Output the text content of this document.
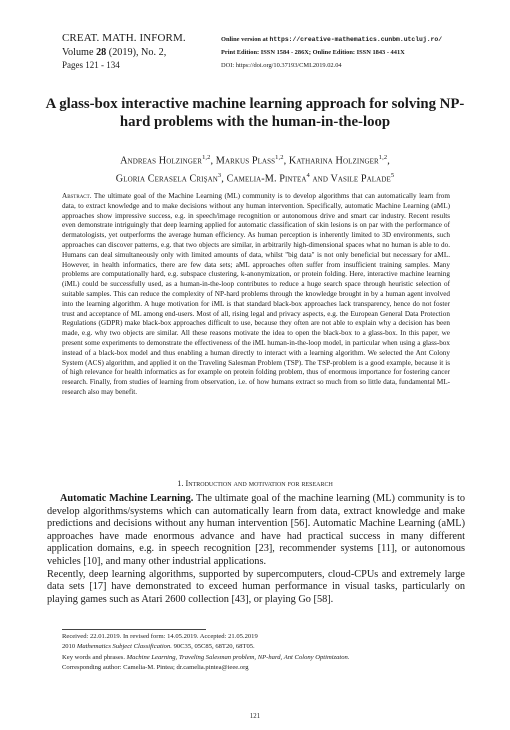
CREAT. MATH. INFORM.
Volume 28 (2019), No. 2,
Pages 121 - 134
Online version at https://creative-mathematics.cunbm.utcluj.ro/
Print Edition: ISSN 1584 - 286X; Online Edition: ISSN 1843 - 441X
DOI: https://doi.org/10.37193/CMI.2019.02.04
A glass-box interactive machine learning approach for solving NP-hard problems with the human-in-the-loop
Andreas Holzinger$^{1,2}$, Markus Plass$^{1,2}$, Katharina Holzinger$^{1,2}$,
Gloria Cerasela Crişan$^3$, Camelia-M. Pintea$^4$ and Vasile Palade$^5$
Abstract. The ultimate goal of the Machine Learning (ML) community is to develop algorithms that can automatically learn from data, to extract knowledge and to make decisions without any human intervention. Specifically, automatic Machine Learning (aML) approaches show impressive success, e.g. in speech/image recognition or autonomous drive and smart car industry. Recent results even demonstrate intriguingly that deep learning applied for automatic classification of skin lesions is on par with the performance of dermatologists, yet outperforms the average human efficiency. As human perception is inherently limited to 3D environments, such approaches can discover patterns, e.g. that two objects are similar, in arbitrarily high-dimensional spaces what no human is able to do. Humans can deal simultaneously only with limited amounts of data, whilst "big data" is not only beneficial but necessary for aML. However, in health informatics, there are few data sets; aML approaches often suffer from insufficient training samples. Many problems are computationally hard, e.g. subspace clustering, k-anonymization, or protein folding. Here, interactive machine learning (iML) could be successfully used, as a human-in-the-loop contributes to reduce a huge search space through heuristic selection of suitable samples. This can reduce the complexity of NP-hard problems through the knowledge brought in by a human agent involved into the learning algorithm. A huge motivation for iML is that standard black-box approaches lack transparency, hence do not foster trust and acceptance of ML among end-users. Most of all, rising legal and privacy aspects, e.g. the European General Data Protection Regulations (GDPR) make black-box approaches difficult to use, because they often are not able to explain why a decision has been made, e.g. why two objects are similar. All these reasons motivate the idea to open the black-box to a glass-box. In this paper, we present some experiments to demonstrate the effectiveness of the iML human-in-the-loop model, in particular when using a glass-box instead of a black-box model and thus enabling a human directly to interact with a learning algorithm. We selected the Ant Colony System (ACS) algorithm, and applied it on the Traveling Salesman Problem (TSP). The TSP-problem is a good example, because it is of high relevance for health informatics as for example on protein folding problem, thus of enormous importance for fostering cancer research. Finally, from studies of learning from observation, i.e. of how humans extract so much from so little data, fundamental ML-research also may benefit.
1. Introduction and motivation for research

Automatic Machine Learning. The ultimate goal of the machine learning (ML) community is to develop algorithms/systems which can automatically learn from data, extract knowledge and make predictions and decisions without any human intervention [56]. Automatic Machine Learning (aML) approaches have made enormous advance and have had practical success in many different application domains, e.g. in speech recognition [23], recommender systems [11], or autonomous vehicles [10], and many other industrial applications.

Recently, deep learning algorithms, supported by supercomputers, cloud-CPUs and extremely large data sets [17] have demonstrated to exceed human performance in visual tasks, particularly on playing games such as Atari 2600 collection [43], or playing Go [58].

Received: 22.01.2019. In revised form: 14.05.2019. Accepted: 21.05.2019
2010 Mathematics Subject Classification. 90C35, 05C85, 68T20, 68T05.
Key words and phrases. Machine Learning, Traveling Salesman problem, NP-hard, Ant Colony Optimizaton.
Corresponding author: Camelia-M. Pintea; dr.camelia.pintea@ieee.org
121
